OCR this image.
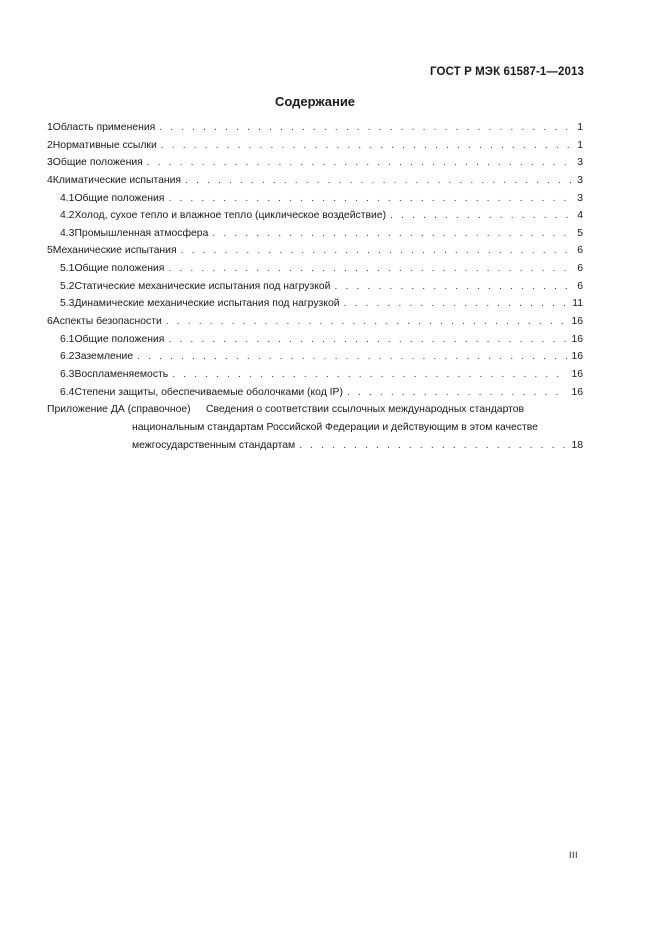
ГОСТ Р МЭК 61587-1—2013
Содержание
1 Область применения . . .	1
2 Нормативные ссылки . . .	1
3 Общие положения . . .	3
4 Климатические испытания . . .	3
4.1 Общие положения . . .	3
4.2 Холод, сухое тепло и влажное тепло (циклическое воздействие) . . .	4
4.3 Промышленная атмосфера . . .	5
5 Механические испытания . . .	6
5.1 Общие положения . . .	6
5.2 Статические механические испытания под нагрузкой . . .	6
5.3 Динамические механические испытания под нагрузкой . . .	11
6 Аспекты безопасности . . .	16
6.1 Общие положения . . .	16
6.2 Заземление . . .	16
6.3 Воспламеняемость . . .	16
6.4 Степени защиты, обеспечиваемые оболочками (код IP) . . .	16
Приложение ДА (справочное)	Сведения о соответствии ссылочных международных стандартов
национальным стандартам Российской Федерации и действующим в этом качестве
межгосударственным стандартам . . .	18
III
